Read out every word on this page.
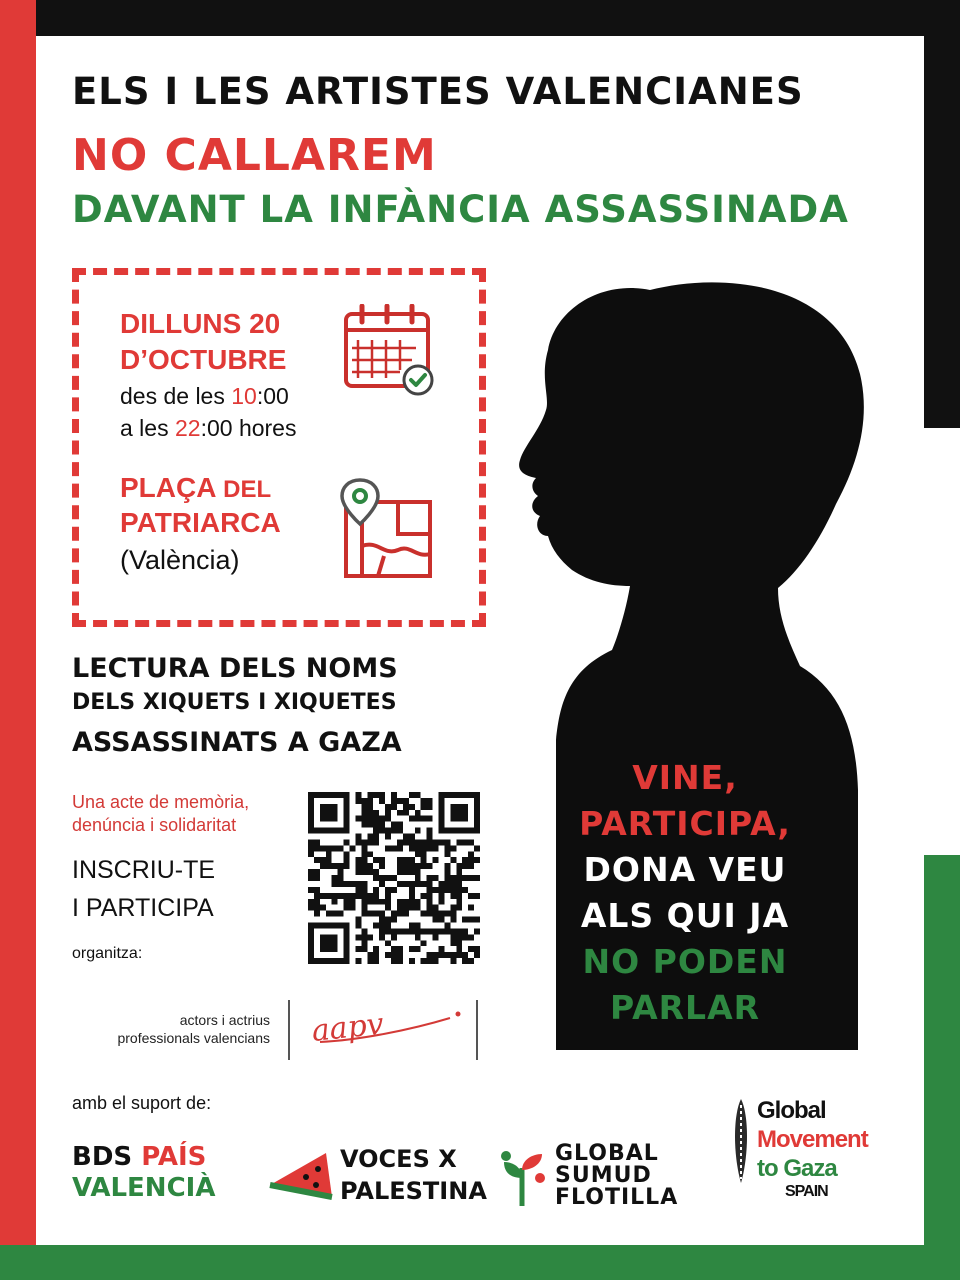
ELS I LES ARTISTES VALENCIANES
NO CALLAREM
DAVANT LA INFÀNCIA ASSASSINADA
DILLUNS 20
D’OCTUBRE
des de les 10:00
a les 22:00 hores
PLAÇA DEL
PATRIARCA
(València)
LECTURA DELS NOMS
DELS XIQUETS I XIQUETES
ASSASSINATS A GAZA
Una acte de memòria,
denúncia i solidaritat
INSCRIU-TE
I PARTICIPA
organitza:
actors i actrius
professionals valencians aapv
VINE,
PARTICIPA,
DONA VEU
ALS QUI JA
NO PODEN
PARLAR
amb el suport de:
BDS PAÍS
VALENCIÀ
VOCES X
PALESTINA
GLOBAL
SUMUD
FLOTILLA
Global
Movement
to Gaza
SPAIN
